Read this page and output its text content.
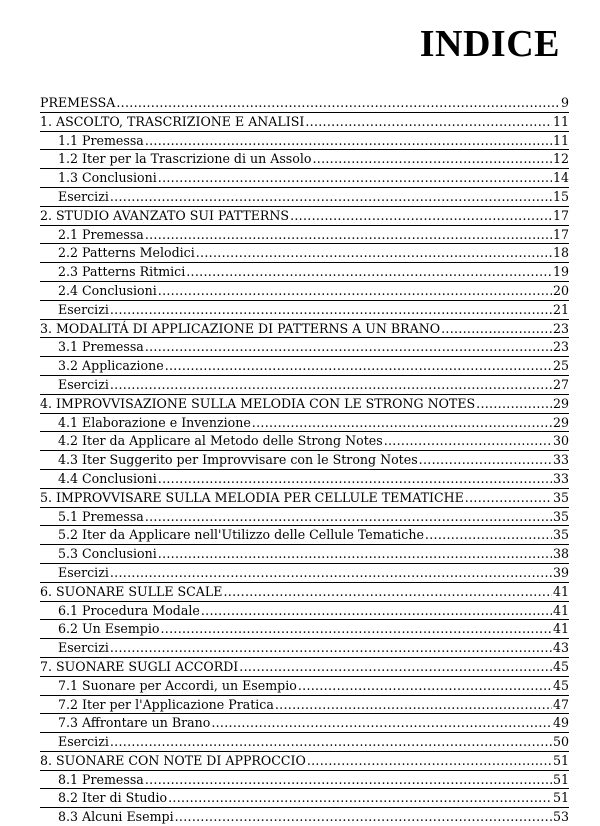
INDICE
PREMESSA .....	9
1. ASCOLTO, TRASCRIZIONE E ANALISI .....	11
1.1 Premessa .....	11
1.2 Iter per la Trascrizione di un Assolo .....	12
1.3 Conclusioni .....	14
Esercizi .....	15
2. STUDIO AVANZATO SUI PATTERNS .....	17
2.1 Premessa .....	17
2.2 Patterns Melodici .....	18
2.3 Patterns Ritmici .....	19
2.4 Conclusioni .....	20
Esercizi .....	21
3. MODALITÁ DI APPLICAZIONE DI PATTERNS A UN BRANO .....	23
3.1 Premessa .....	23
3.2 Applicazione .....	25
Esercizi .....	27
4. IMPROVVISAZIONE SULLA MELODIA CON LE STRONG NOTES .....	29
4.1 Elaborazione e Invenzione .....	29
4.2 Iter da Applicare al Metodo delle Strong Notes .....	30
4.3 Iter Suggerito per Improvvisare con le Strong Notes .....	33
4.4 Conclusioni .....	33
5. IMPROVVISARE SULLA MELODIA PER CELLULE TEMATICHE .....	35
5.1 Premessa .....	35
5.2 Iter da Applicare nell'Utilizzo delle Cellule Tematiche .....	35
5.3 Conclusioni .....	38
Esercizi .....	39
6. SUONARE SULLE SCALE .....	41
6.1 Procedura Modale .....	41
6.2 Un Esempio .....	41
Esercizi .....	43
7. SUONARE SUGLI ACCORDI .....	45
7.1 Suonare per Accordi, un Esempio .....	45
7.2 Iter per l'Applicazione Pratica .....	47
7.3 Affrontare un Brano .....	49
Esercizi .....	50
8. SUONARE CON NOTE DI APPROCCIO .....	51
8.1 Premessa .....	51
8.2 Iter di Studio .....	51
8.3 Alcuni Esempi .....	53
